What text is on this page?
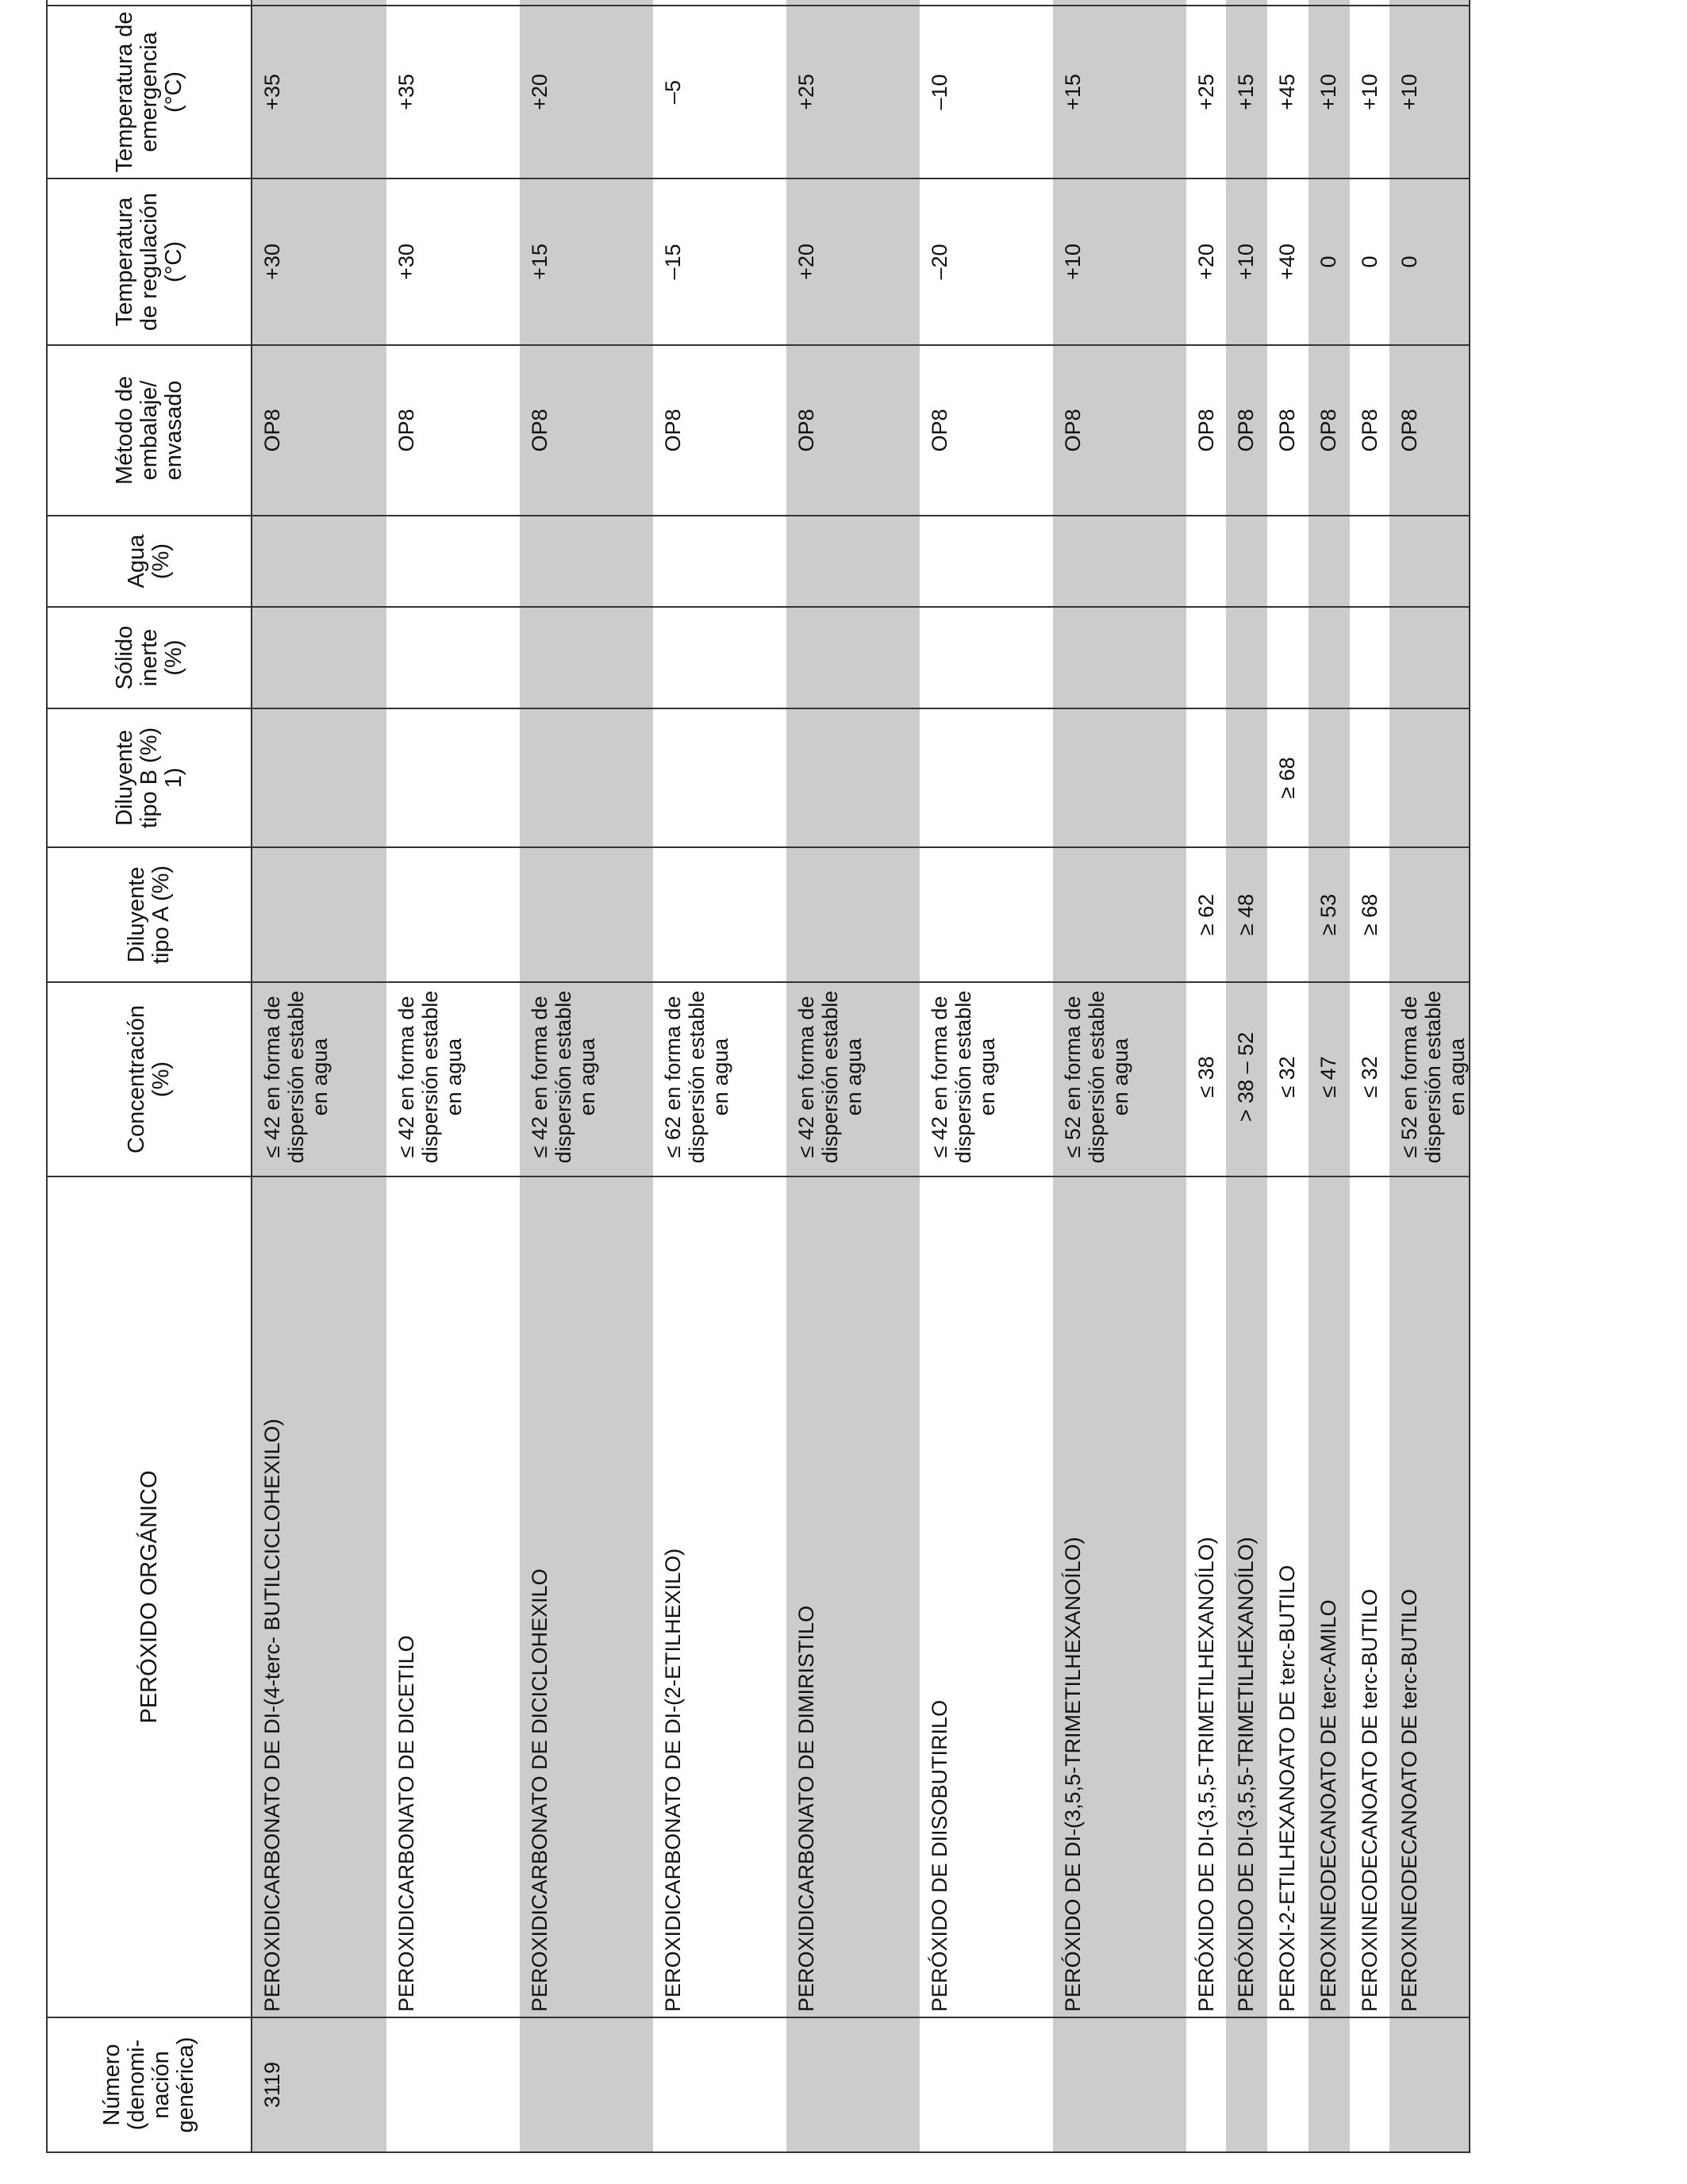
Número (denomi-nación genérica)	PERÓXIDO ORGÁNICO	Concentración (%)	Diluyente tipo A (%)	Diluyente tipo B (%) 1)	Sólido inerte (%)	Agua (%)	Método de embalaje/ envasado	Temperatura de regulación (°C)	Temperatura de emergencia (°C)	
3119	PEROXIDICARBONATO DE DI-(4-terc- BUTILCICLOHEXILO)	≤ 42 en forma de dispersión estable en agua					OP8	+30	+35	
	PEROXIDICARBONATO DE DICETILO	≤ 42 en forma de dispersión estable en agua					OP8	+30	+35	
	PEROXIDICARBONATO DE DICICLOHEXILO	≤ 42 en forma de dispersión estable en agua					OP8	+15	+20	
	PEROXIDICARBONATO DE DI-(2-ETILHEXILO)	≤ 62 en forma de dispersión estable en agua					OP8	–15	–5	
	PEROXIDICARBONATO DE DIMIRISTILO	≤ 42 en forma de dispersión estable en agua					OP8	+20	+25	
	PERÓXIDO DE DIISOBUTIRILO	≤ 42 en forma de dispersión estable en agua					OP8	–20	–10	
	PERÓXIDO DE DI-(3,5,5-TRIMETILHEXANOÍLO)	≤ 52 en forma de dispersión estable en agua					OP8	+10	+15	
	PERÓXIDO DE DI-(3,5,5-TRIMETILHEXANOÍLO)	≤ 38	≥ 62				OP8	+20	+25	
	PERÓXIDO DE DI-(3,5,5-TRIMETILHEXANOÍLO)	> 38 – 52	≥ 48				OP8	+10	+15	
	PEROXI-2-ETILHEXANOATO DE terc-BUTILO	≤ 32		≥ 68			OP8	+40	+45	
	PEROXINEODECANOATO DE terc-AMILO	≤ 47	≥ 53				OP8	0	+10	
	PEROXINEODECANOATO DE terc-BUTILO	≤ 32	≥ 68				OP8	0	+10	
	PEROXINEODECANOATO DE terc-BUTILO	≤ 52 en forma de dispersión estable en agua					OP8	0	+10	
